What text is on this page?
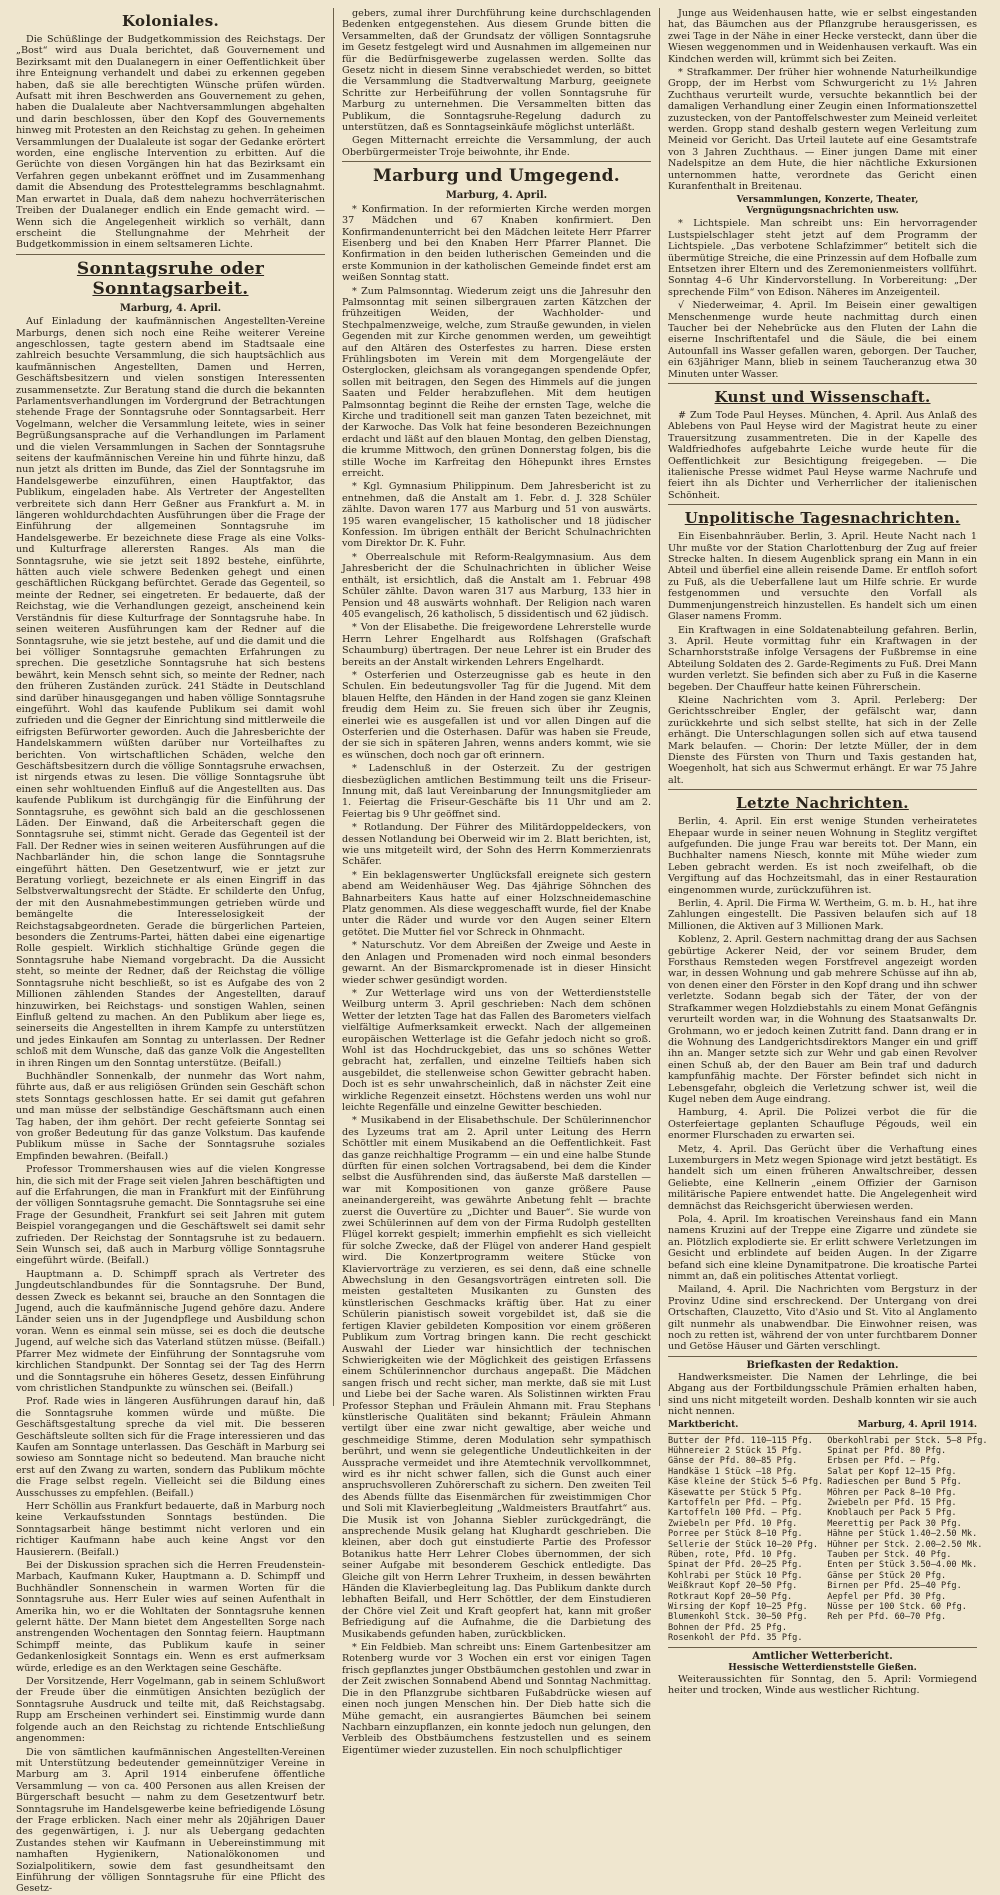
Koloniales.

Die Schüßlinge der Budgetkommission des Reichstags. Der „Bost“ wird aus Duala berichtet, daß Gouvernement und Bezirksamt mit den Dualanegern in einer Oeffentlichkeit über ihre Enteignung verhandelt und dabei zu erkennen gegeben haben, daß sie alle berechtigten Wünsche prüfen würden. Aufsatt mit ihren Beschwerden ans Gouvernement zu gehen, haben die Dualaleute aber Nachtversammlungen abgehalten und darin beschlossen, über den Kopf des Gouvernements hinweg mit Protesten an den Reichstag zu gehen. In geheimen Versammlungen der Dualaleute ist sogar der Gedanke erörtert worden, eine englische Intervention zu erbitten. Auf die Gerüchte von diesen Vorgängen hin hat das Bezirksamt ein Verfahren gegen unbekannt eröffnet und im Zusammenhang damit die Absendung des Protesttelegramms beschlagnahmt. Man erwartet in Duala, daß dem nahezu hochverräterischen Treiben der Dualaneger endlich ein Ende gemacht wird. — Wenn sich die Angelegenheit wirklich so verhält, dann erscheint die Stellungnahme der Mehrheit der Budgetkommission in einem seltsameren Lichte.

Sonntagsruhe oder Sonntagsarbeit.

Marburg, 4. April.

Auf Einladung der kaufmännischen Angestellten-Vereine Marburgs, denen sich noch eine Reihe weiterer Vereine angeschlossen, tagte gestern abend im Stadtsaale eine zahlreich besuchte Versammlung, die sich hauptsächlich aus kaufmännischen Angestellten, Damen und Herren, Geschäftsbesitzern und vielen sonstigen Interessenten zusammensetzte. Zur Beratung stand die durch die bekannten Parlamentsverhandlungen im Vordergrund der Betrachtungen stehende Frage der Sonntagsruhe oder Sonntagsarbeit. Herr Vogelmann, welcher die Versammlung leitete, wies in seiner Begrüßungsansprache auf die Verhandlungen im Parlament und die vielen Versammlungen in Sachen der Sonntagsruhe seitens der kaufmännischen Vereine hin und führte hinzu, daß nun jetzt als dritten im Bunde, das Ziel der Sonntagsruhe im Handelsgewerbe einzuführen, einen Hauptfaktor, das Publikum, eingeladen habe. Als Vertreter der Angestellten verbreitete sich dann Herr Geßner aus Frankfurt a. M. in längeren wohldurchdachten Ausführungen über die Frage der Einführung der allgemeinen Sonntagsruhe im Handelsgewerbe. Er bezeichnete diese Frage als eine Volks- und Kulturfrage allerersten Ranges. Als man die Sonntagsruhe, wie sie jetzt seit 1892 bestehe, einführte, hätten auch viele schwere Bedenken gehegt und einen geschäftlichen Rückgang befürchtet. Gerade das Gegenteil, so meinte der Redner, sei eingetreten. Er bedauerte, daß der Reichstag, wie die Verhandlungen gezeigt, anscheinend kein Verständnis für diese Kulturfrage der Sonntagsruhe habe. In seinen weiteren Ausführungen kam der Redner auf die Sonntagsruhe, wie sie jetzt bestehe, auf und die damit und die bei völliger Sonntagsruhe gemachten Erfahrungen zu sprechen. Die gesetzliche Sonntagsruhe hat sich bestens bewährt, kein Mensch sehnt sich, so meinte der Redner, nach den früheren Zuständen zurück. 241 Städte in Deutschland sind darüber hinausgegangen und haben völlige Sonntagsruhe eingeführt. Wohl das kaufende Publikum sei damit wohl zufrieden und die Gegner der Einrichtung sind mittlerweile die eifrigsten Befürworter geworden. Auch die Jahresberichte der Handelskammern wüßten darüber nur Vorteilhaftes zu berichten. Von wirtschaftlichen Schäden, welche den Geschäftsbesitzern durch die völlige Sonntagsruhe erwachsen, ist nirgends etwas zu lesen. Die völlige Sonntagsruhe übt einen sehr wohltuenden Einfluß auf die Angestellten aus. Das kaufende Publikum ist durchgängig für die Einführung der Sonntagsruhe, es gewöhnt sich bald an die geschlossenen Läden. Der Einwand, daß die Arbeiterschaft gegen die Sonntagsruhe sei, stimmt nicht. Gerade das Gegenteil ist der Fall. Der Redner wies in seinen weiteren Ausführungen auf die Nachbarländer hin, die schon lange die Sonntagsruhe eingeführt hätten. Den Gesetzentwurf, wie er jetzt zur Beratung vorliegt, bezeichnete er als einen Eingriff in das Selbstverwaltungsrecht der Städte. Er schilderte den Unfug, der mit den Ausnahmebestimmungen getrieben würde und bemängelte die Interesselosigkeit der Reichstagsabgeordneten. Gerade die bürgerlichen Parteien, besonders die Zentrums-Partei, hätten dabei eine eigenartige Rolle gespielt. Wirklich stichhaltige Gründe gegen die Sonntagsruhe habe Niemand vorgebracht. Da die Aussicht steht, so meinte der Redner, daß der Reichstag die völlige Sonntagsruhe nicht beschließt, so ist es Aufgabe des von 2 Millionen zählenden Standes der Angestellten, darauf hinzuwirken, bei Reichstags- und sonstigen Wahlen, seinen Einfluß geltend zu machen. An den Publikum aber liege es, seinerseits die Angestellten in ihrem Kampfe zu unterstützen und jedes Einkaufen am Sonntag zu unterlassen. Der Redner schloß mit dem Wunsche, daß das ganze Volk die Angestellten in ihren Ringen um den Sonntag unterstütze. (Beifall.)

Buchhändler Sonnenkalb, der nunmehr das Wort nahm, führte aus, daß er aus religiösen Gründen sein Geschäft schon stets Sonntags geschlossen hatte. Er sei damit gut gefahren und man müsse der selbständige Geschäftsmann auch einen Tag haben, der ihm gehört. Der recht gefeierte Sonntag sei von großer Bedeutung für das ganze Volkstum. Das kaufende Publikum müsse in Sache der Sonntagsruhe soziales Empfinden bewahren. (Beifall.)

Professor Trommershausen wies auf die vielen Kongresse hin, die sich mit der Frage seit vielen Jahren beschäftigten und auf die Erfahrungen, die man in Frankfurt mit der Einführung der völligen Sonntagsruhe gemacht. Die Sonntagsruhe sei eine Frage der Gesundheit, Frankfurt sei seit Jahren mit gutem Beispiel vorangegangen und die Geschäftswelt sei damit sehr zufrieden. Der Reichstag der Sonntagsruhe ist zu bedauern. Sein Wunsch sei, daß auch in Marburg völlige Sonntagsruhe eingeführt würde. (Beifall.)

Hauptmann a. D. Schimpff sprach als Vertreter des Jungdeutschlandbundes für die Sonntagsruhe. Der Bund, dessen Zweck es bekannt sei, brauche an den Sonntagen die Jugend, auch die kaufmännische Jugend gehöre dazu. Andere Länder seien uns in der Jugendpflege und Ausbildung schon voran. Wenn es einmal sein müsse, sei es doch die deutsche Jugend, auf welche sich das Vaterland stützen müsse. (Beifall.) Pfarrer Mez widmete der Einführung der Sonntagsruhe vom kirchlichen Standpunkt. Der Sonntag sei der Tag des Herrn und die Sonntagsruhe ein höheres Gesetz, dessen Einführung vom christlichen Standpunkte zu wünschen sei. (Beifall.)

Prof. Rade wies in längeren Ausführungen darauf hin, daß die Sonntagsruhe kommen würde und müßte. Die Geschäftsgestaltung spreche da viel mit. Die besseren Geschäftsleute sollten sich für die Frage interessieren und das Kaufen am Sonntage unterlassen. Das Geschäft in Marburg sei sowieso am Sonntage nicht so bedeutend. Man brauche nicht erst auf den Zwang zu warten, sondern das Publikum möchte die Frage selbst regeln. Vielleicht sei die Bildung eines Ausschusses zu empfehlen. (Beifall.)

Herr Schöllin aus Frankfurt bedauerte, daß in Marburg noch keine Verkaufsstunden Sonntags bestünden. Die Sonntagsarbeit hänge bestimmt nicht verloren und ein richtiger Kaufmann habe auch keine Angst vor den Hausierern. (Beifall.)

Bei der Diskussion sprachen sich die Herren Freudenstein-Marbach, Kaufmann Kuker, Hauptmann a. D. Schimpff und Buchhändler Sonnenschein in warmen Worten für die Sonntagsruhe aus. Herr Euler wies auf seinen Aufenthalt in Amerika hin, wo er die Wohltaten der Sonntagsruhe kennen gelernt hätte. Der Mann bietet dem Angestellten Sorge nach anstrengenden Wochentagen den Sonntag feiern. Hauptmann Schimpff meinte, das Publikum kaufe in seiner Gedankenlosigkeit Sonntags ein. Wenn es erst aufmerksam würde, erledige es an den Werktagen seine Geschäfte.

Der Vorsitzende, Herr Vogelmann, gab in seinem Schlußwort der Freude über die einmütigen Ansichten bezüglich der Sonntagsruhe Ausdruck und teilte mit, daß Reichstagsabg. Rupp am Erscheinen verhindert sei. Einstimmig wurde dann folgende auch an den Reichstag zu richtende Entschließung angenommen:

Die von sämtlichen kaufmännischen Angestellten-Vereinen mit Unterstützung bedeutender gemeinnütziger Vereine in Marburg am 3. April 1914 einberufene öffentliche Versammlung — von ca. 400 Personen aus allen Kreisen der Bürgerschaft besucht — nahm zu dem Gesetzentwurf betr. Sonntagsruhe im Handelsgewerbe keine befriedigende Lösung der Frage erblicken. Nach einer mehr als 20jährigen Dauer des gegenwärtigen, i. J. nur als Uebergang gedachten Zustandes stehen wir Kaufmann in Uebereinstimmung mit namhaften Hygienikern, Nationalökonomen und Sozialpolitikern, sowie dem fast gesundheitsamt den Einführung der völligen Sonntagsruhe für eine Pflicht des Gesetz-

gebers, zumal ihrer Durchführung keine durchschlagenden Bedenken entgegenstehen. Aus diesem Grunde bitten die Versammelten, daß der Grundsatz der völligen Sonntagsruhe im Gesetz festgelegt wird und Ausnahmen im allgemeinen nur für die Bedürfnisgewerbe zugelassen werden. Sollte das Gesetz nicht in diesem Sinne verabschiedet werden, so bittet die Versammlung die Stadtverwaltung Marburg, geeignete Schritte zur Herbeiführung der vollen Sonntagsruhe für Marburg zu unternehmen. Die Versammelten bitten das Publikum, die Sonntagsruhe-Regelung dadurch zu unterstützen, daß es Sonntagseinkäufe möglichst unterläßt.

Gegen Mitternacht erreichte die Versammlung, der auch Oberbürgermeister Troje beiwohnte, ihr Ende.

Marburg und Umgegend.

Marburg, 4. April.

* Konfirmation. In der reformierten Kirche werden morgen 37 Mädchen und 67 Knaben konfirmiert. Den Konfirmandenunterricht bei den Mädchen leitete Herr Pfarrer Eisenberg und bei den Knaben Herr Pfarrer Plannet. Die Konfirmation in den beiden lutherischen Gemeinden und die erste Kommunion in der katholischen Gemeinde findet erst am weißen Sonntag statt.

* Zum Palmsonntag. Wiederum zeigt uns die Jahresuhr den Palmsonntag mit seinen silbergrauen zarten Kätzchen der frühzeitigen Weiden, der Wachholder- und Stechpalmenzweige, welche, zum Strauße gewunden, in vielen Gegenden mit zur Kirche genommen werden, um geweihtigt auf den Altären des Osterfestes zu harren. Diese ersten Frühlingsboten im Verein mit dem Morgengeläute der Osterglocken, gleichsam als vorangegangen spendende Opfer, sollen mit beitragen, den Segen des Himmels auf die jungen Saaten und Felder herabzuflehen. Mit dem heutigen Palmsonntag beginnt die Reihe der ernsten Tage, welche die Kirche und traditionell seit man ganzen Taten bezeichnet, mit der Karwoche. Das Volk hat feine besonderen Bezeichnungen erdacht und läßt auf den blauen Montag, den gelben Dienstag, die krumme Mittwoch, den grünen Donnerstag folgen, bis die stille Woche im Karfreitag den Höhepunkt ihres Ernstes erreicht.

* Kgl. Gymnasium Philippinum. Dem Jahresbericht ist zu entnehmen, daß die Anstalt am 1. Febr. d. J. 328 Schüler zählte. Davon waren 177 aus Marburg und 51 von auswärts. 195 waren evangelischer, 15 katholischer und 18 jüdischer Konfession. Im übrigen enthält der Bericht Schulnachrichten vom Direktor Dr. K. Fuhr.

* Oberrealschule mit Reform-Realgymnasium. Aus dem Jahresbericht der die Schulnachrichten in üblicher Weise enthält, ist ersichtlich, daß die Anstalt am 1. Februar 498 Schüler zählte. Davon waren 317 aus Marburg, 133 hier in Pension und 48 auswärts wohnhaft. Der Religion nach waren 405 evangelisch, 26 katholisch, 5 dissidentisch und 62 jüdisch.

* Von der Elisabethe. Die freigewordene Lehrerstelle wurde Herrn Lehrer Engelhardt aus Rolfshagen (Grafschaft Schaumburg) übertragen. Der neue Lehrer ist ein Bruder des bereits an der Anstalt wirkenden Lehrers Engelhardt.

* Osterferien und Osterzeugnisse gab es heute in den Schulen. Ein bedeutungsvoller Tag für die Jugend. Mit dem blauen Helfte, den Händen in der Hand zogen sie ganz Kleinen freudig dem Heim zu. Sie freuen sich über ihr Zeugnis, einerlei wie es ausgefallen ist und vor allen Dingen auf die Osterferien und die Osterhasen. Dafür was haben sie Freude, der sie sich in späteren Jahren, wenns anders kommt, wie sie es wünschen, doch noch gar oft erinnern.

* Ladenschluß in der Osterzeit. Zu der gestrigen diesbezüglichen amtlichen Bestimmung teilt uns die Friseur-Innung mit, daß laut Vereinbarung der Innungsmitglieder am 1. Feiertag die Friseur-Geschäfte bis 11 Uhr und am 2. Feiertag bis 9 Uhr geöffnet sind.

* Rotlandung. Der Führer des Militärdoppeldeckers, von dessen Notlandung bei Oberweid wir im 2. Blatt berichten, ist, wie uns mitgeteilt wird, der Sohn des Herrn Kommerzienrats Schäfer.

* Ein beklagenswerter Unglücksfall ereignete sich gestern abend am Weidenhäuser Weg. Das 4jährige Söhnchen des Bahnarbeiters Kaus hatte auf einer Holzschneidemaschine Platz genommen. Als diese weggeschafft wurde, fiel der Knabe unter die Räder und wurde vor den Augen seiner Eltern getötet. Die Mutter fiel vor Schreck in Ohnmacht.

* Naturschutz. Vor dem Abreißen der Zweige und Aeste in den Anlagen und Promenaden wird noch einmal besonders gewarnt. An der Bismarckpromenade ist in dieser Hinsicht wieder schwer gesündigt worden.

* Zur Wetterlage wird uns von der Wetterdienststelle Weilburg unterm 3. April geschrieben: Nach dem schönen Wetter der letzten Tage hat das Fallen des Barometers vielfach vielfältige Aufmerksamkeit erweckt. Nach der allgemeinen europäischen Wetterlage ist die Gefahr jedoch nicht so groß. Wohl ist das Hochdruckgebiet, das uns so schönes Wetter gebracht hat, zerfallen, und einzelne Teiltiefs haben sich ausgebildet, die stellenweise schon Gewitter gebracht haben. Doch ist es sehr unwahrscheinlich, daß in nächster Zeit eine wirkliche Regenzeit einsetzt. Höchstens werden uns wohl nur leichte Regenfälle und einzelne Gewitter beschieden.

* Musikabend in der Elisabethschule. Der Schülerinnenchor des Lyzeums trat am 2. April unter Leitung des Herrn Schöttler mit einem Musikabend an die Oeffentlichkeit. Fast das ganze reichhaltige Programm — ein und eine halbe Stunde dürften für einen solchen Vortragsabend, bei dem die Kinder selbst die Ausführenden sind, das äußerste Maß darstellen — war mit Kompositionen von ganze größere Pause aneinandergereiht, was gewährte Anbetung fehlt — brachte zuerst die Ouvertüre zu „Dichter und Bauer“. Sie wurde von zwei Schülerinnen auf dem von der Firma Rudolph gestellten Flügel korrekt gespielt; immerhin empfiehlt es sich vielleicht für solche Zwecke, daß der Flügel von anderer Hand gespielt wird. Die Konzertprogramm weitere Stücke von Klaviervorträge zu verzieren, es sei denn, daß eine schnelle Abwechslung in den Gesangsvorträgen eintreten soll. Die meisten gestalteten Musikanten zu Gunsten des künstlerischen Geschmacks kräftig über. Hat zu einer Schülerin pianistisch soweit vorgebildet ist, daß sie die fertigen Klavier gebildeten Komposition vor einem größeren Publikum zum Vortrag bringen kann. Die recht geschickt Auswahl der Lieder war hinsichtlich der technischen Schwierigkeiten wie der Möglichkeit des geistigen Erfassens einem Schülerinnenchor durchaus angepaßt. Die Mädchen sangen frisch und recht sicher, man merkte, daß sie mit Lust und Liebe bei der Sache waren. Als Solistinnen wirkten Frau Professor Stephan und Fräulein Ahmann mit. Frau Stephans künstlerische Qualitäten sind bekannt; Fräulein Ahmann vertilgt über eine zwar nicht gewaltige, aber weiche und geschmeidige Stimme, deren Modulation sehr sympathisch berührt, und wenn sie gelegentliche Undeutlichkeiten in der Aussprache vermeidet und ihre Atemtechnik vervollkommnet, wird es ihr nicht schwer fallen, sich die Gunst auch einer anspruchsvolleren Zuhörerschaft zu sichern. Den zweiten Teil des Abends füllte das Eisenmärchen für zweistimmigen Chor und Soli mit Klavierbegleitung „Waldmeisters Brautfahrt“ aus. Die Musik ist von Johanna Siebler zurückgedrängt, die ansprechende Musik gelang hat Klughardt geschrieben. Die kleinen, aber doch gut einstudierte Partie des Professor Botanikus hatte Herr Lehrer Clobes übernommen, der sich seiner Aufgabe mit besonderem Geschick entledigte. Das Gleiche gilt von Herrn Lehrer Truxheim, in dessen bewährten Händen die Klavierbegleitung lag. Das Publikum dankte durch lebhaften Beifall, und Herr Schöttler, der dem Einstudieren der Chöre viel Zeit und Kraft geopfert hat, kann mit großer Befriedigung auf die Aufnahme, die die Darbietung des Musikabends gefunden haben, zurückblicken.

* Ein Feldbieb. Man schreibt uns: Einem Gartenbesitzer am Rotenberg wurde vor 3 Wochen ein erst vor einigen Tagen frisch gepflanztes junger Obstbäumchen gestohlen und zwar in der Zeit zwischen Sonnabend Abend und Sonntag Nachmittag. Die in den Pflanzgrube sichtbaren Fußabdrücke wiesen auf einen noch jungen Menschen hin. Der Dieb hatte sich die Mühe gemacht, ein ausrangiertes Bäumchen bei seinem Nachbarn einzupflanzen, ein konnte jedoch nun gelungen, den Verbleib des Obstbäumchens festzustellen und es seinem Eigentümer wieder zuzustellen. Ein noch schulpflichtiger

Junge aus Weidenhausen hatte, wie er selbst eingestanden hat, das Bäumchen aus der Pflanzgrube herausgerissen, es zwei Tage in der Nähe in einer Hecke versteckt, dann über die Wiesen weggenommen und in Weidenhausen verkauft. Was ein Kindchen werden will, krümmt sich bei Zeiten.

* Strafkammer. Der früher hier wohnende Naturheilkundige Gropp, der im Herbst vom Schwurgericht zu 1½ Jahren Zuchthaus verurteilt wurde, versuchte bekanntlich bei der damaligen Verhandlung einer Zeugin einen Informationszettel zuzustecken, von der Pantoffelschwester zum Meineid verleitet werden. Gropp stand deshalb gestern wegen Verleitung zum Meineid vor Gericht. Das Urteil lautete auf eine Gesamtstrafe von 3 Jahren Zuchthaus. — Einer jungen Dame mit einer Nadelspitze an dem Hute, die hier nächtliche Exkursionen unternommen hatte, verordnete das Gericht einen Kuranfenthalt in Breitenau.

Versammlungen, Konzerte, Theater, Vergnügungsnachrichten usw.

* Lichtspiele. Man schreibt uns: Ein hervorragender Lustspielschlager steht jetzt auf dem Programm der Lichtspiele. „Das verbotene Schlafzimmer“ betitelt sich die übermütige Streiche, die eine Prinzessin auf dem Hofballe zum Entsetzen ihrer Eltern und des Zeremonienmeisters vollführt. Sonntag 4–6 Uhr Kindervorstellung. In Vorbereitung: „Der sprechende Film“ von Edison. Näheres im Anzeigenteil.

√ Niederweimar, 4. April. Im Beisein einer gewaltigen Menschenmenge wurde heute nachmittag durch einen Taucher bei der Nehebrücke aus den Fluten der Lahn die eiserne Inschriftentafel und die Säule, die bei einem Autounfall ins Wasser gefallen waren, geborgen. Der Taucher, ein 63jähriger Mann, blieb in seinem Taucheranzug etwa 30 Minuten unter Wasser.

Kunst und Wissenschaft.

# Zum Tode Paul Heyses. München, 4. April. Aus Anlaß des Ablebens von Paul Heyse wird der Magistrat heute zu einer Trauersitzung zusammentreten. Die in der Kapelle des Waldfriedhofes aufgebahrte Leiche wurde heute für die Oeffentlichkeit zur Besichtigung freigegeben. — Die italienische Presse widmet Paul Heyse warme Nachrufe und feiert ihn als Dichter und Verherrlicher der italienischen Schönheit.

Unpolitische Tagesnachrichten.

Ein Eisenbahnräuber. Berlin, 3. April. Heute Nacht nach 1 Uhr mußte vor der Station Charlottenburg der Zug auf freier Strecke halten. In diesem Augenblick sprang ein Mann in ein Abteil und überfiel eine allein reisende Dame. Er entfloh sofort zu Fuß, als die Ueberfallene laut um Hilfe schrie. Er wurde festgenommen und versuchte den Vorfall als Dummenjungenstreich hinzustellen. Es handelt sich um einen Glaser namens Fromm.

Ein Kraftwagen in eine Soldatenabteilung gefahren. Berlin, 3. April. Heute vormittag fuhr ein Kraftwagen in der Scharnhorststraße infolge Versagens der Fußbremse in eine Abteilung Soldaten des 2. Garde-Regiments zu Fuß. Drei Mann wurden verletzt. Sie befinden sich aber zu Fuß in die Kaserne begeben. Der Chauffeur hatte keinen Führerschein.

Kleine Nachrichten vom 3. April. Perleberg: Der Gerichtsschreiber Engler, der gefälscht war, dann zurückkehrte und sich selbst stellte, hat sich in der Zelle erhängt. Die Unterschlagungen sollen sich auf etwa tausend Mark belaufen. — Chorin: Der letzte Müller, der in dem Dienste des Fürsten von Thurn und Taxis gestanden hat, Woegenholt, hat sich aus Schwermut erhängt. Er war 75 Jahre alt.

Letzte Nachrichten.

Berlin, 4. April. Ein erst wenige Stunden verheiratetes Ehepaar wurde in seiner neuen Wohnung in Steglitz vergiftet aufgefunden. Die junge Frau war bereits tot. Der Mann, ein Buchhalter namens Niesch, konnte mit Mühe wieder zum Leben gebracht werden. Es ist noch zweifelhaft, ob die Vergiftung auf das Hochzeitsmahl, das in einer Restauration eingenommen wurde, zurückzuführen ist.

Berlin, 4. April. Die Firma W. Wertheim, G. m. b. H., hat ihre Zahlungen eingestellt. Die Passiven belaufen sich auf 18 Millionen, die Aktiven auf 3 Millionen Mark.

Koblenz, 2. April. Gestern nachmittag drang der aus Sachsen gebürtige Ackerer Neid, der vor seinem Bruder, dem Forsthaus Remsteden wegen Forstfrevel angezeigt worden war, in dessen Wohnung und gab mehrere Schüsse auf ihn ab, von denen einer den Förster in den Kopf drang und ihn schwer verletzte. Sodann begab sich der Täter, der von der Strafkammer wegen Holzdiebstahls zu einem Monat Gefängnis verurteilt worden war, in die Wohnung des Staatsanwalts Dr. Grohmann, wo er jedoch keinen Zutritt fand. Dann drang er in die Wohnung des Landgerichtsdirektors Manger ein und griff ihn an. Manger setzte sich zur Wehr und gab einen Revolver einen Schuß ab, der den Bauer am Bein traf und dadurch kampfunfähig machte. Der Förster befindet sich nicht in Lebensgefahr, obgleich die Verletzung schwer ist, weil die Kugel neben dem Auge eindrang.

Hamburg, 4. April. Die Polizei verbot die für die Osterfeiertage geplanten Schaufluge Pégouds, weil ein enormer Flurschaden zu erwarten sei.

Metz, 4. April. Das Gerücht über die Verhaftung eines Luxemburgers in Metz wegen Spionage wird jetzt bestätigt. Es handelt sich um einen früheren Anwaltschreiber, dessen Geliebte, eine Kellnerin „einem Offizier der Garnison militärische Papiere entwendet hatte. Die Angelegenheit wird demnächst das Reichsgericht überwiesen werden.

Pola, 4. April. Im kroatischen Vereinshaus fand ein Mann namens Kruzini auf der Treppe eine Zigarre und zündete sie an. Plötzlich explodierte sie. Er erlitt schwere Verletzungen im Gesicht und erblindete auf beiden Augen. In der Zigarre befand sich eine kleine Dynamitpatrone. Die kroatische Partei nimmt an, daß ein politisches Attentat vorliegt.

Mailand, 4. April. Die Nachrichten vom Bergsturz in der Provinz Udine sind erschreckend. Der Untergang von drei Ortschaften, Clauzetto, Vito d'Asio und St. Vito al Anglamento gilt nunmehr als unabwendbar. Die Einwohner reisen, was noch zu retten ist, während der von unter furchtbarem Donner und Getöse Häuser und Gärten verschlingt.

Briefkasten der Redaktion.

Handwerksmeister. Die Namen der Lehrlinge, die bei Abgang aus der Fortbildungsschule Prämien erhalten haben, sind uns nicht mitgeteilt worden. Deshalb konnten wir sie auch nicht nennen.

Marktbericht.	Marburg, 4. April 1914.
Butter der Pfd. 110—115 Pfg.
Hühnereier 2 Stück 15 Pfg.
Gänse der Pfd. 80—85 Pfg.
Handkäse 1 Stück —18 Pfg.
Käse kleine der Stück 5—6 Pfg.
Käsewatte per Stück 5 Pfg.
Kartoffeln per Pfd. — Pfg.
Kartoffeln 100 Pfd. — Pfg.
Zwiebeln per Pfd. 10 Pfg.
Porree per Stück 8—10 Pfg.
Sellerie der Stück 10—20 Pfg.
Rüben, rote, Pfd. 10 Pfg.
Spinat der Pfd. 20—25 Pfg.
Kohlrabi per Stück 10 Pfg.
Weißkraut Kopf 20—50 Pfg.
Rotkraut Kopf 20—50 Pfg.
Wirsing der Kopf 10—25 Pfg.
Blumenkohl Stck. 30—50 Pfg.
Bohnen der Pfd. 25 Pfg.
Rosenkohl der Pfd. 35 Pfg.
Oberkohlrabi per Stck. 5—8 Pfg.
Spinat per Pfd. 80 Pfg.
Erbsen per Pfd. — Pfg.
Salat per Kopf 12—15 Pfg.
Radieschen per Bund 5 Pfg.
Möhren per Pack 8—10 Pfg.
Zwiebeln per Pfd. 15 Pfg.
Knoblauch per Pack 5 Pfg.
Meerettig per Pack 30 Pfg.
Hähne per Stück 1.40—2.50 Mk.
Hühner per Stck. 2.00—2.50 Mk.
Tauben per Stck. 40 Pfg.
Enten per Stück 3.50—4.00 Mk.
Gänse per Stück 20 Pfg.
Birnen per Pfd. 25—40 Pfg.
Aepfel per Pfd. 30 Pfg.
Nüsse per 100 Stck. 60 Pfg.
Reh per Pfd. 60—70 Pfg.
Amtlicher Wetterbericht.
Hessische Wetterdienststelle Gießen.

Weiteraussichten für Sonntag, den 5. April: Vormiegend heiter und trocken, Winde aus westlicher Richtung.
